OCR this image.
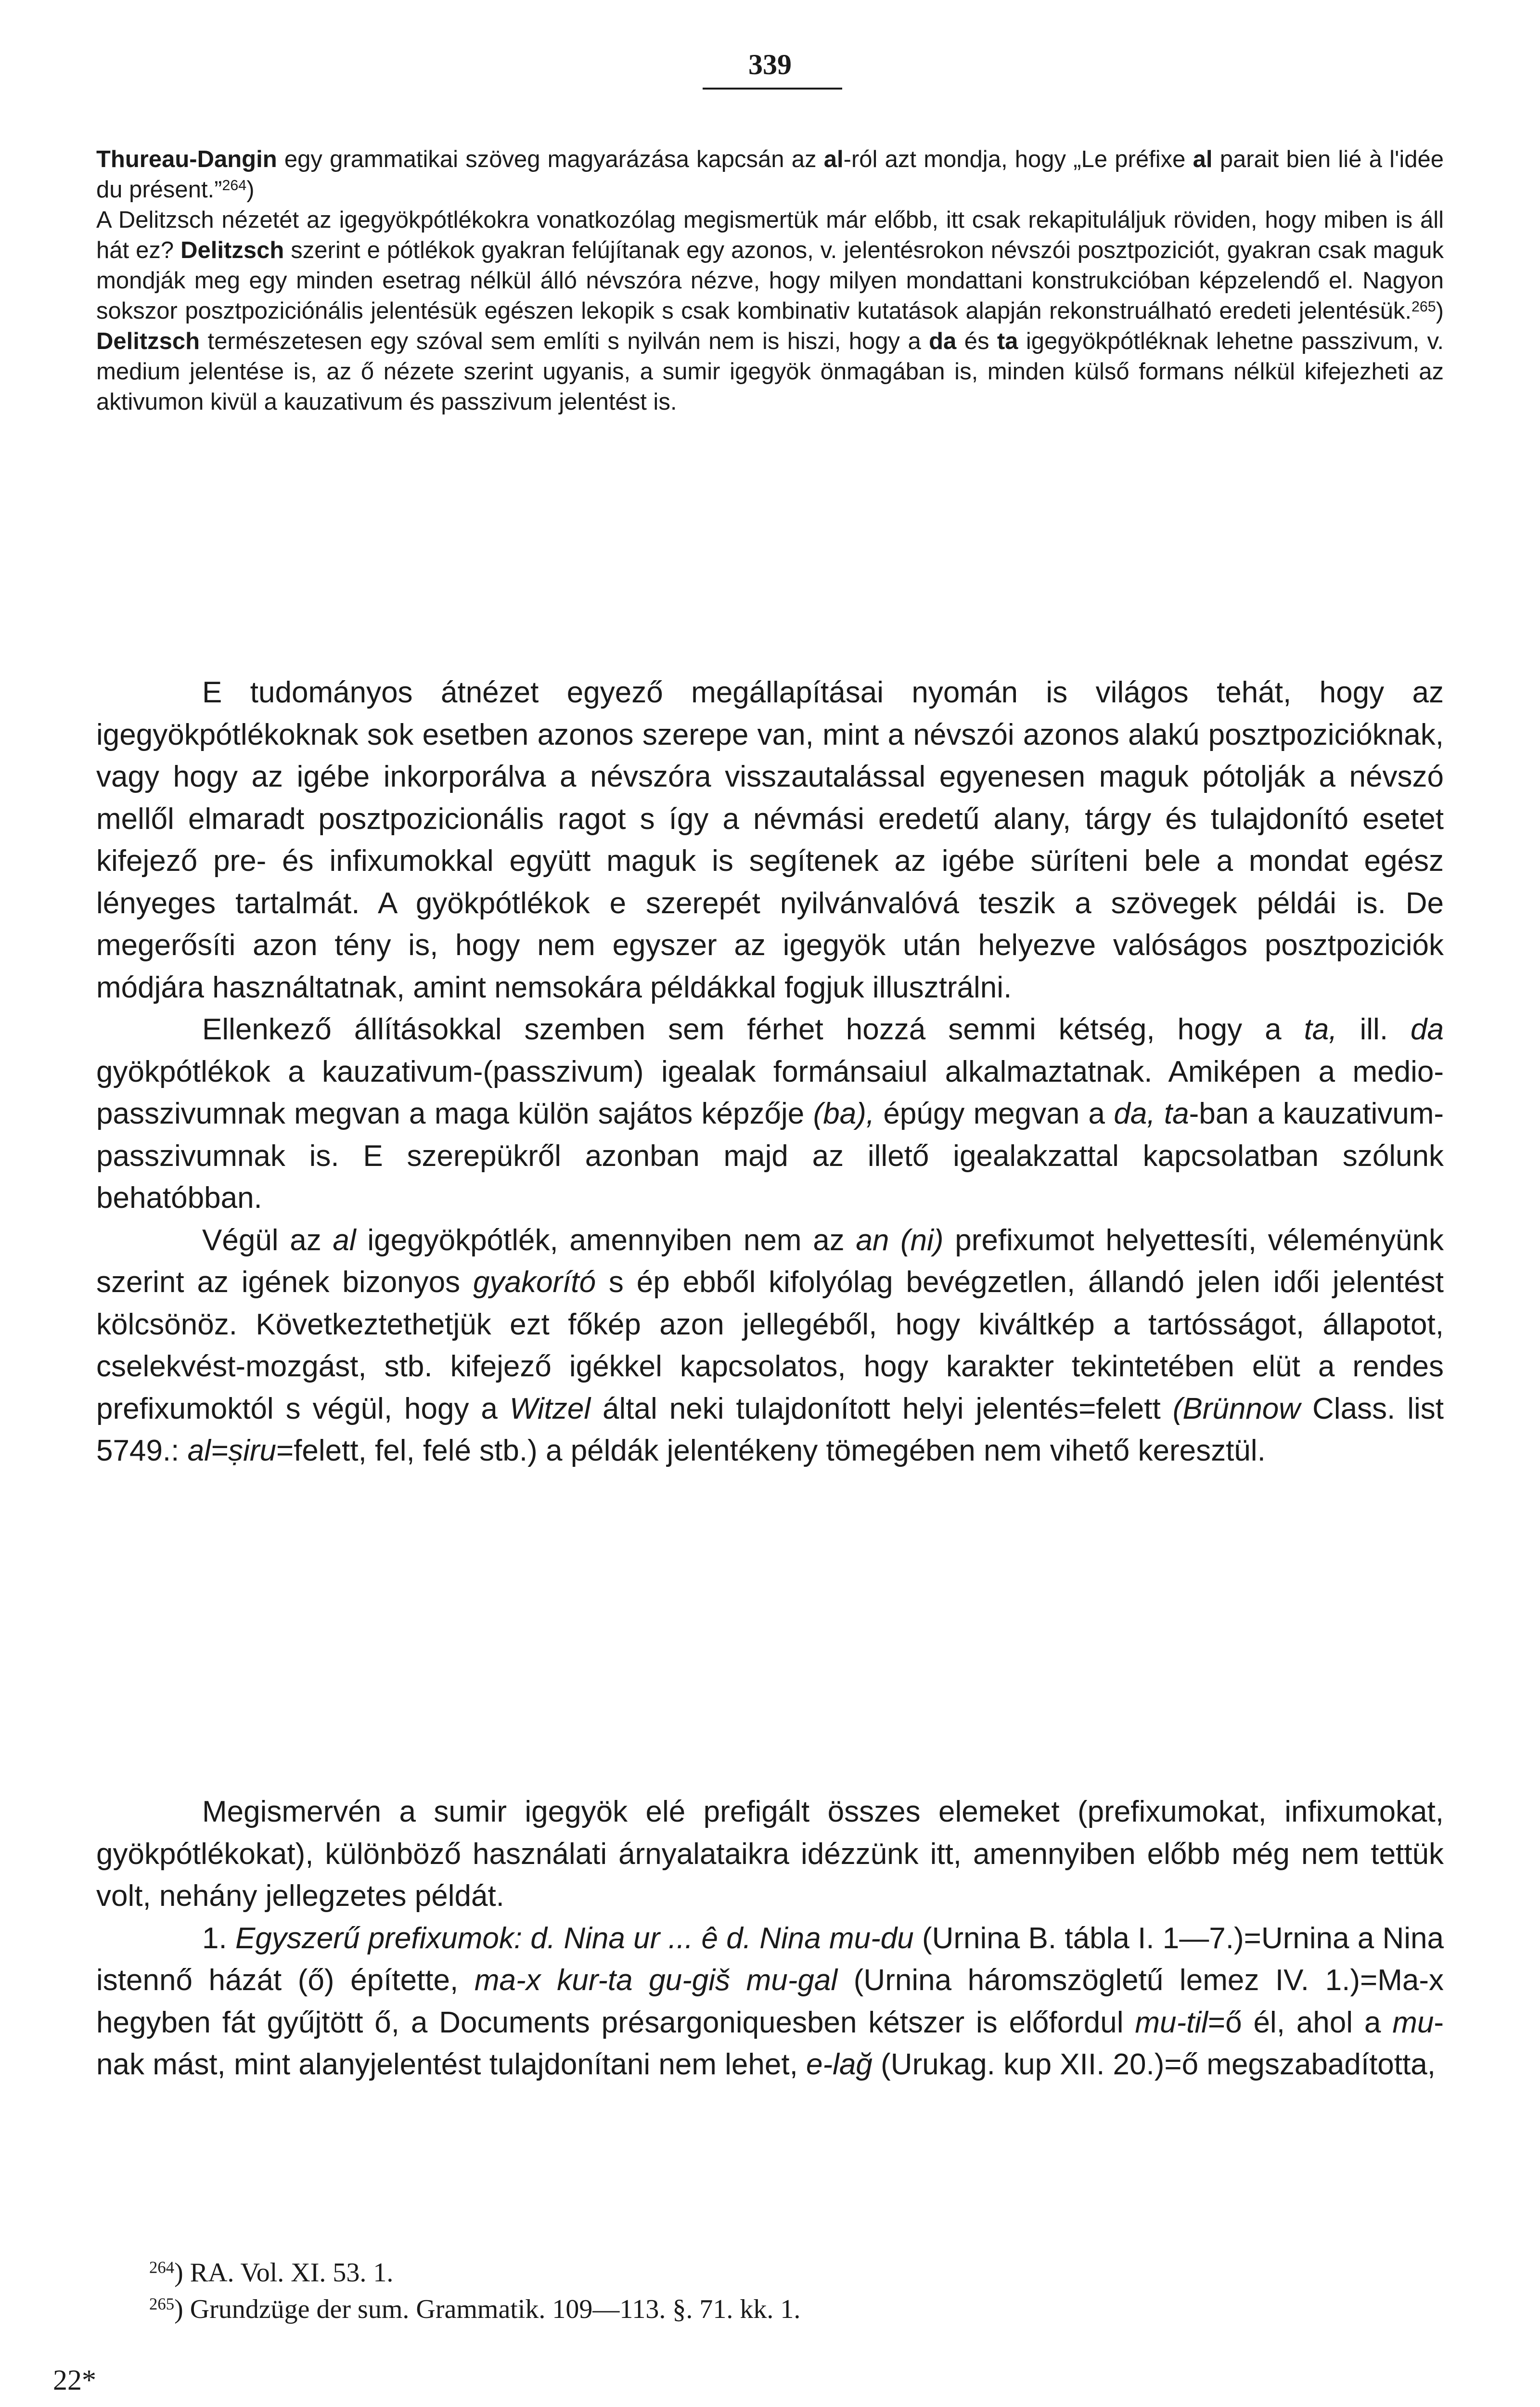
339

Thureau-Dangin egy grammatikai szöveg magyarázása kapcsán az al-ról azt mondja, hogy „Le préfixe al parait bien lié à l'idée du présent.”$^{264}$)

A Delitzsch nézetét az igegyökpótlékokra vonatkozólag megismertük már előbb, itt csak rekapituláljuk röviden, hogy miben is áll hát ez? Delitzsch szerint e pótlékok gyakran felújítanak egy azonos, v. jelentésrokon névszói posztpoziciót, gyakran csak maguk mondják meg egy minden esetrag nélkül álló névszóra nézve, hogy milyen mondattani konstrukcióban képzelendő el. Nagyon sokszor posztpoziciónális jelentésük egészen lekopik s csak kombinativ kutatások alapján rekonstruálható eredeti jelentésük.$^{265}$) Delitzsch természetesen egy szóval sem említi s nyilván nem is hiszi, hogy a da és ta igegyökpótléknak lehetne passzivum, v. medium jelentése is, az ő nézete szerint ugyanis, a sumir igegyök önmagában is, minden külső formans nélkül kifejezheti az aktivumon kivül a kauzativum és passzivum jelentést is.

E tudományos átnézet egyező megállapításai nyomán is világos tehát, hogy az igegyökpótlékoknak sok esetben azonos szerepe van, mint a névszói azonos alakú posztpozicióknak, vagy hogy az igébe inkorporálva a névszóra visszautalással egyenesen maguk pótolják a névszó mellől elmaradt posztpozicionális ragot s így a névmási eredetű alany, tárgy és tulajdonító esetet kifejező pre- és infixumokkal együtt maguk is segítenek az igébe süríteni bele a mondat egész lényeges tartalmát. A gyökpótlékok e szerepét nyilvánvalóvá teszik a szövegek példái is. De megerősíti azon tény is, hogy nem egyszer az igegyök után helyezve valóságos posztpoziciók módjára használtatnak, amint nemsokára példákkal fogjuk illusztrálni.

Ellenkező állításokkal szemben sem férhet hozzá semmi kétség, hogy a ta, ill. da gyökpótlékok a kauzativum-(passzivum) igealak formánsaiul alkalmaztatnak. Amiképen a medio-passzivumnak megvan a maga külön sajátos képzője (ba), épúgy megvan a da, ta-ban a kauzativum-passzivumnak is. E szerepükről azonban majd az illető igealakzattal kapcsolatban szólunk behatóbban.

Végül az al igegyökpótlék, amennyiben nem az an (ni) prefixumot helyettesíti, véleményünk szerint az igének bizonyos gyakorító s ép ebből kifolyólag bevégzetlen, állandó jelen idői jelentést kölcsönöz. Következtethetjük ezt főkép azon jellegéből, hogy kiváltkép a tartósságot, állapotot, cselekvést-mozgást, stb. kifejező igékkel kapcsolatos, hogy karakter tekintetében elüt a rendes prefixumoktól s végül, hogy a Witzel által neki tulajdonított helyi jelentés=felett (Brünnow Class. list 5749.: al=ṣiru=felett, fel, felé stb.) a példák jelentékeny tömegében nem vihető keresztül.

Megismervén a sumir igegyök elé prefigált összes elemeket (prefixumokat, infixumokat, gyökpótlékokat), különböző használati árnyalataikra idézzünk itt, amennyiben előbb még nem tettük volt, nehány jellegzetes példát.

1. Egyszerű prefixumok: d. Nina ur ... ê d. Nina mu-du (Urnina B. tábla I. 1—7.)=Urnina a Nina istennő házát (ő) építette, ma-x kur-ta gu-giš mu-gal (Urnina háromszögletű lemez IV. 1.)=Ma-x hegyben fát gyűjtött ő, a Documents présargoniquesben kétszer is előfordul mu-til=ő él, ahol a mu-nak mást, mint alanyjelentést tulajdonítani nem lehet, e-lağ (Urukag. kup XII. 20.)=ő megszabadította,

$^{264}$) RA. Vol. XI. 53. 1.

$^{265}$) Grundzüge der sum. Grammatik. 109—113. §. 71. kk. 1.

22*
